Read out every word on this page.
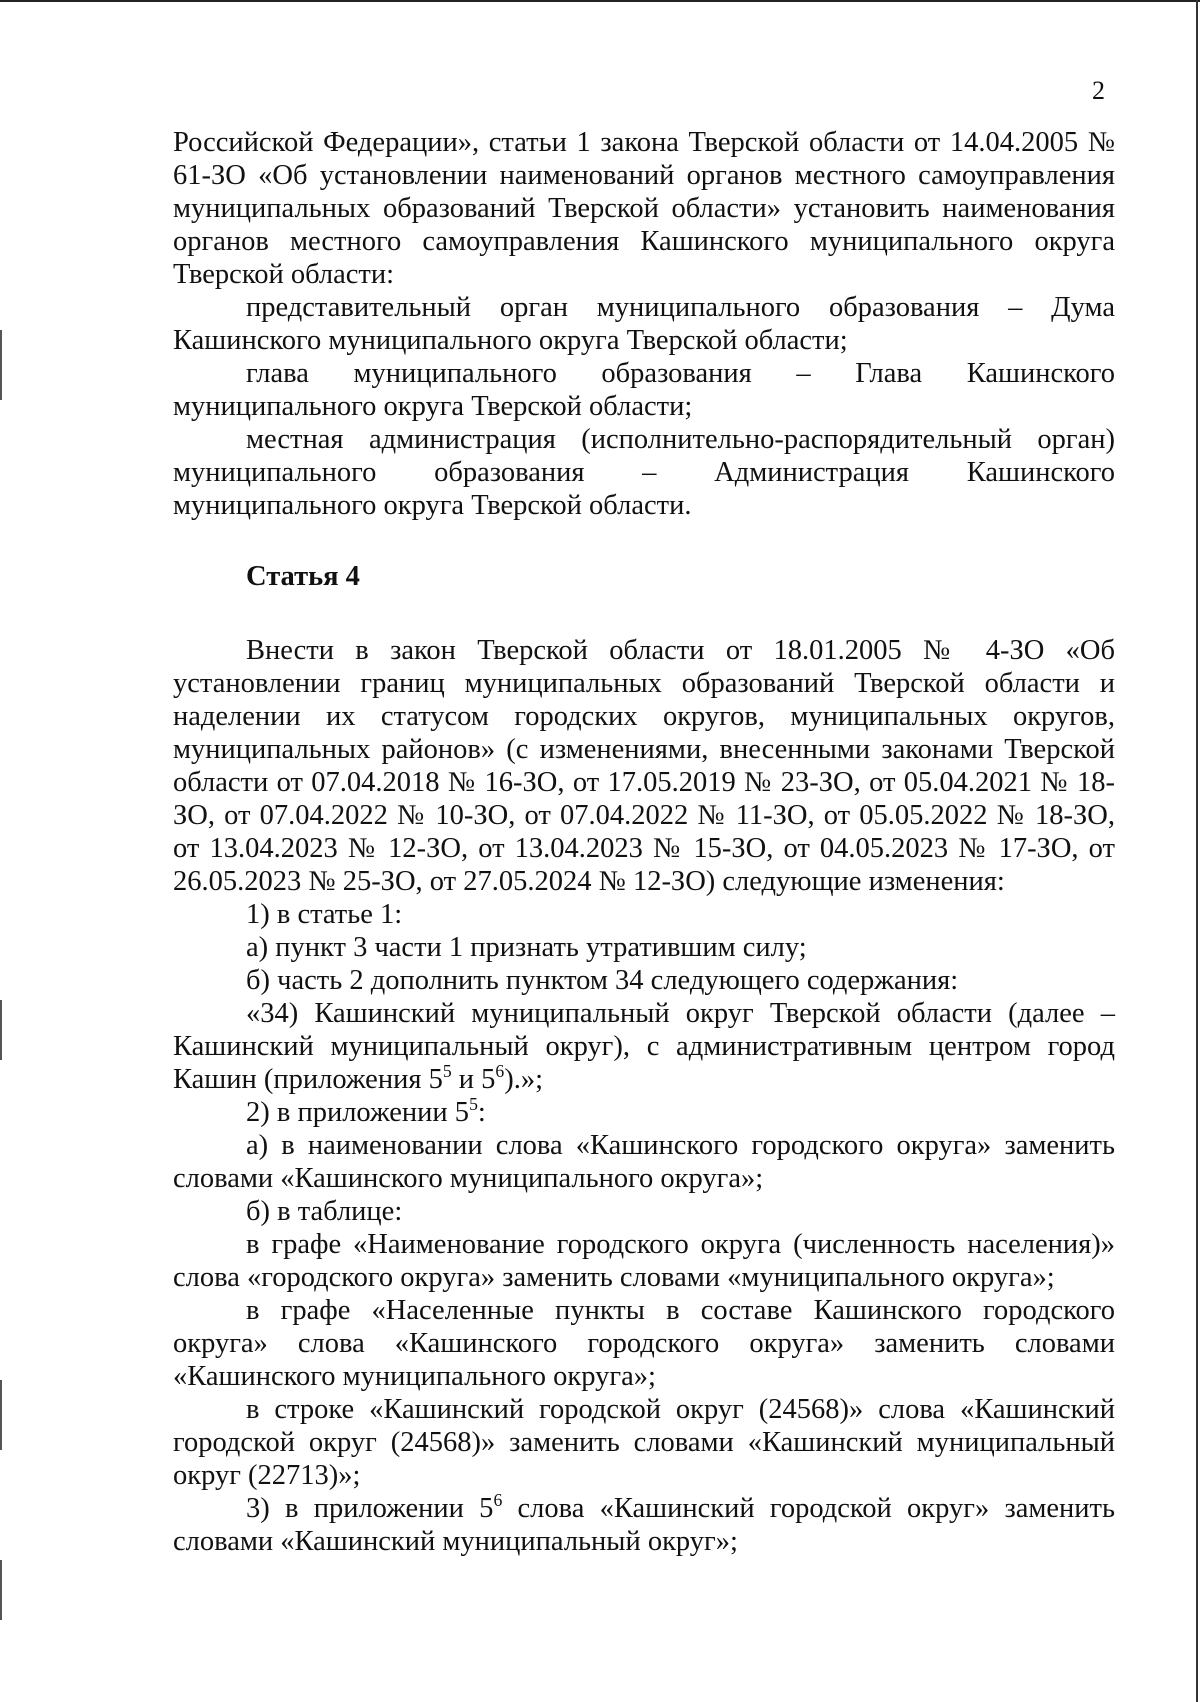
2

Российской Федерации», статьи 1 закона Тверской области от 14.04.2005 № 61-ЗО «Об установлении наименований органов местного самоуправления муниципальных образований Тверской области» установить наименования органов местного самоуправления Кашинского муниципального округа Тверской области:

представительный орган муниципального образования – Дума Кашинского муниципального округа Тверской области;

глава муниципального образования – Глава Кашинского муниципального округа Тверской области;

местная администрация (исполнительно-распорядительный орган) муниципального образования – Администрация Кашинского муниципального округа Тверской области.

Статья 4

Внести в закон Тверской области от 18.01.2005 № 4-ЗО «Об установлении границ муниципальных образований Тверской области и наделении их статусом городских округов, муниципальных округов, муниципальных районов» (с изменениями, внесенными законами Тверской области от 07.04.2018 № 16-ЗО, от 17.05.2019 № 23-ЗО, от 05.04.2021 № 18-ЗО, от 07.04.2022 № 10-ЗО, от 07.04.2022 № 11-ЗО, от 05.05.2022 № 18-ЗО, от 13.04.2023 № 12-ЗО, от 13.04.2023 № 15-ЗО, от 04.05.2023 № 17-ЗО, от 26.05.2023 № 25-ЗО, от 27.05.2024 № 12-ЗО) следующие изменения:

1) в статье 1:

а) пункт 3 части 1 признать утратившим силу;

б) часть 2 дополнить пунктом 34 следующего содержания:

«34) Кашинский муниципальный округ Тверской области (далее – Кашинский муниципальный округ), с административным центром город Кашин (приложения $5^5$ и $5^6$).»;

2) в приложении $5^5$:

а) в наименовании слова «Кашинского городского округа» заменить словами «Кашинского муниципального округа»;

б) в таблице:

в графе «Наименование городского округа (численность населения)» слова «городского округа» заменить словами «муниципального округа»;

в графе «Населенные пункты в составе Кашинского городского округа» слова «Кашинского городского округа» заменить словами «Кашинского муниципального округа»;

в строке «Кашинский городской округ (24568)» слова «Кашинский городской округ (24568)» заменить словами «Кашинский муниципальный округ (22713)»;

3) в приложении $5^6$ слова «Кашинский городской округ» заменить словами «Кашинский муниципальный округ»;
